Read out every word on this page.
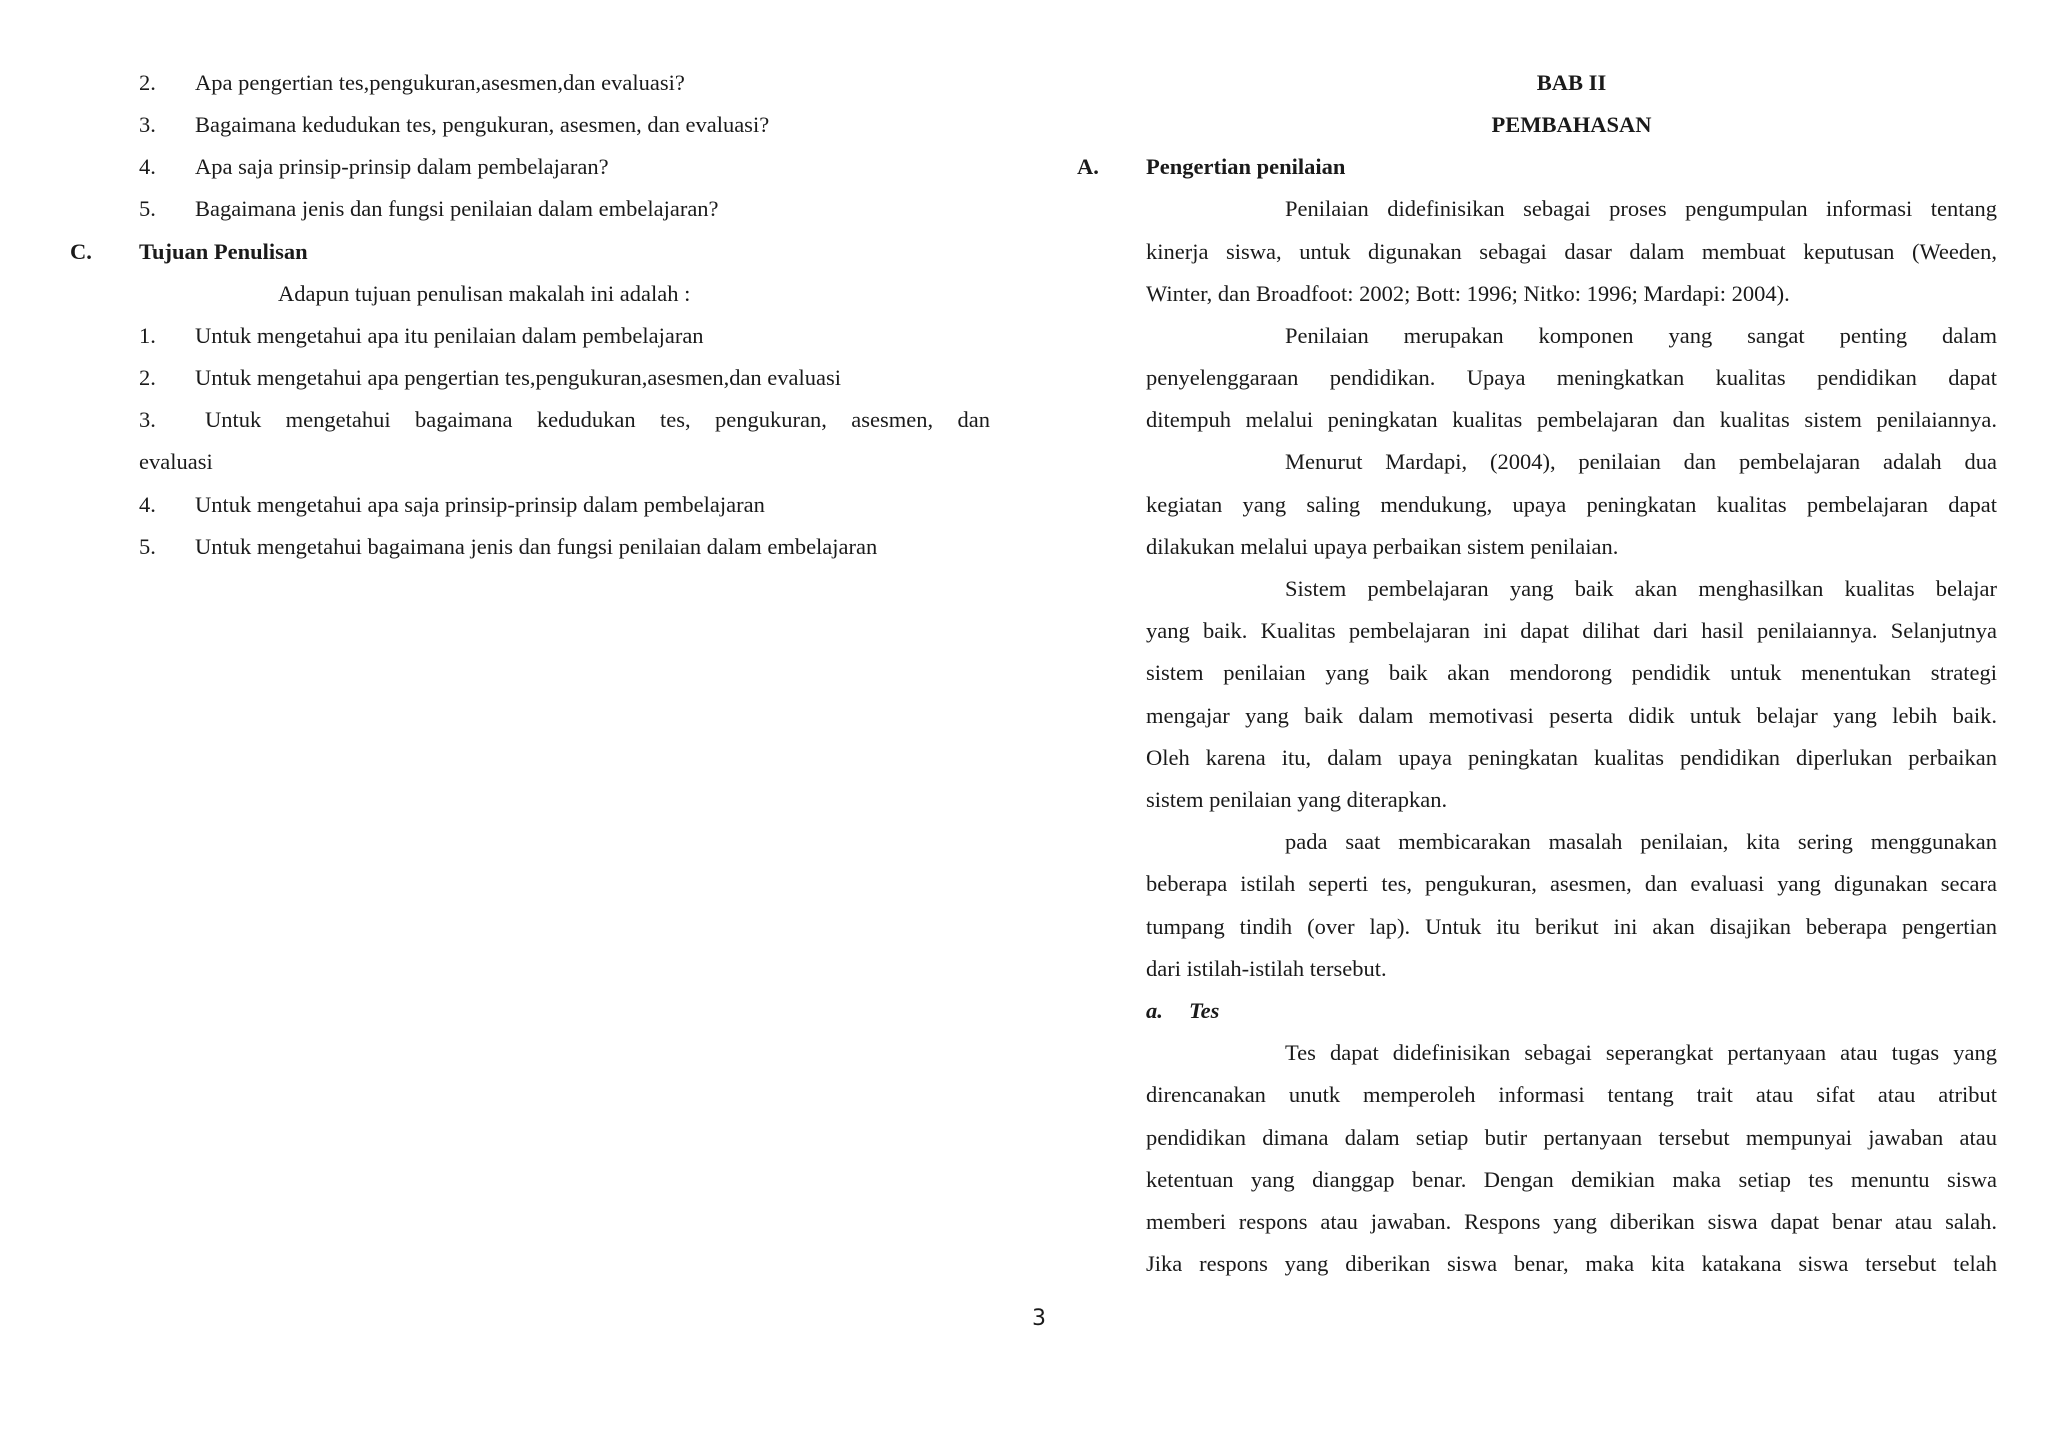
2. Apa pengertian tes,pengukuran,asesmen,dan evaluasi?
3. Bagaimana kedudukan tes, pengukuran, asesmen, dan evaluasi?
4. Apa saja prinsip-prinsip dalam pembelajaran?
5. Bagaimana jenis dan fungsi penilaian dalam embelajaran?
C. Tujuan Penulisan
Adapun tujuan penulisan makalah ini adalah :
1. Untuk mengetahui apa itu penilaian dalam pembelajaran
2. Untuk mengetahui apa pengertian tes,pengukuran,asesmen,dan evaluasi
3. Untuk mengetahui bagaimana kedudukan tes, pengukuran, asesmen, dan
evaluasi
4. Untuk mengetahui apa saja prinsip-prinsip dalam pembelajaran
5. Untuk mengetahui bagaimana jenis dan fungsi penilaian dalam embelajaran
BAB II
PEMBAHASAN
A. Pengertian penilaian
Penilaian didefinisikan sebagai proses pengumpulan informasi tentang
kinerja siswa, untuk digunakan sebagai dasar dalam membuat keputusan (Weeden,
Winter, dan Broadfoot: 2002; Bott: 1996; Nitko: 1996; Mardapi: 2004).
Penilaian merupakan komponen yang sangat penting dalam
penyelenggaraan pendidikan. Upaya meningkatkan kualitas pendidikan dapat
ditempuh melalui peningkatan kualitas pembelajaran dan kualitas sistem penilaiannya.
Menurut Mardapi, (2004), penilaian dan pembelajaran adalah dua
kegiatan yang saling mendukung, upaya peningkatan kualitas pembelajaran dapat
dilakukan melalui upaya perbaikan sistem penilaian.
Sistem pembelajaran yang baik akan menghasilkan kualitas belajar
yang baik. Kualitas pembelajaran ini dapat dilihat dari hasil penilaiannya. Selanjutnya
sistem penilaian yang baik akan mendorong pendidik untuk menentukan strategi
mengajar yang baik dalam memotivasi peserta didik untuk belajar yang lebih baik.
Oleh karena itu, dalam upaya peningkatan kualitas pendidikan diperlukan perbaikan
sistem penilaian yang diterapkan.
pada saat membicarakan masalah penilaian, kita sering menggunakan
beberapa istilah seperti tes, pengukuran, asesmen, dan evaluasi yang digunakan secara
tumpang tindih (over lap). Untuk itu berikut ini akan disajikan beberapa pengertian
dari istilah-istilah tersebut.
a. Tes
Tes dapat didefinisikan sebagai seperangkat pertanyaan atau tugas yang
direncanakan unutk memperoleh informasi tentang trait atau sifat atau atribut
pendidikan dimana dalam setiap butir pertanyaan tersebut mempunyai jawaban atau
ketentuan yang dianggap benar. Dengan demikian maka setiap tes menuntu siswa
memberi respons atau jawaban. Respons yang diberikan siswa dapat benar atau salah.
Jika respons yang diberikan siswa benar, maka kita katakana siswa tersebut telah
3
